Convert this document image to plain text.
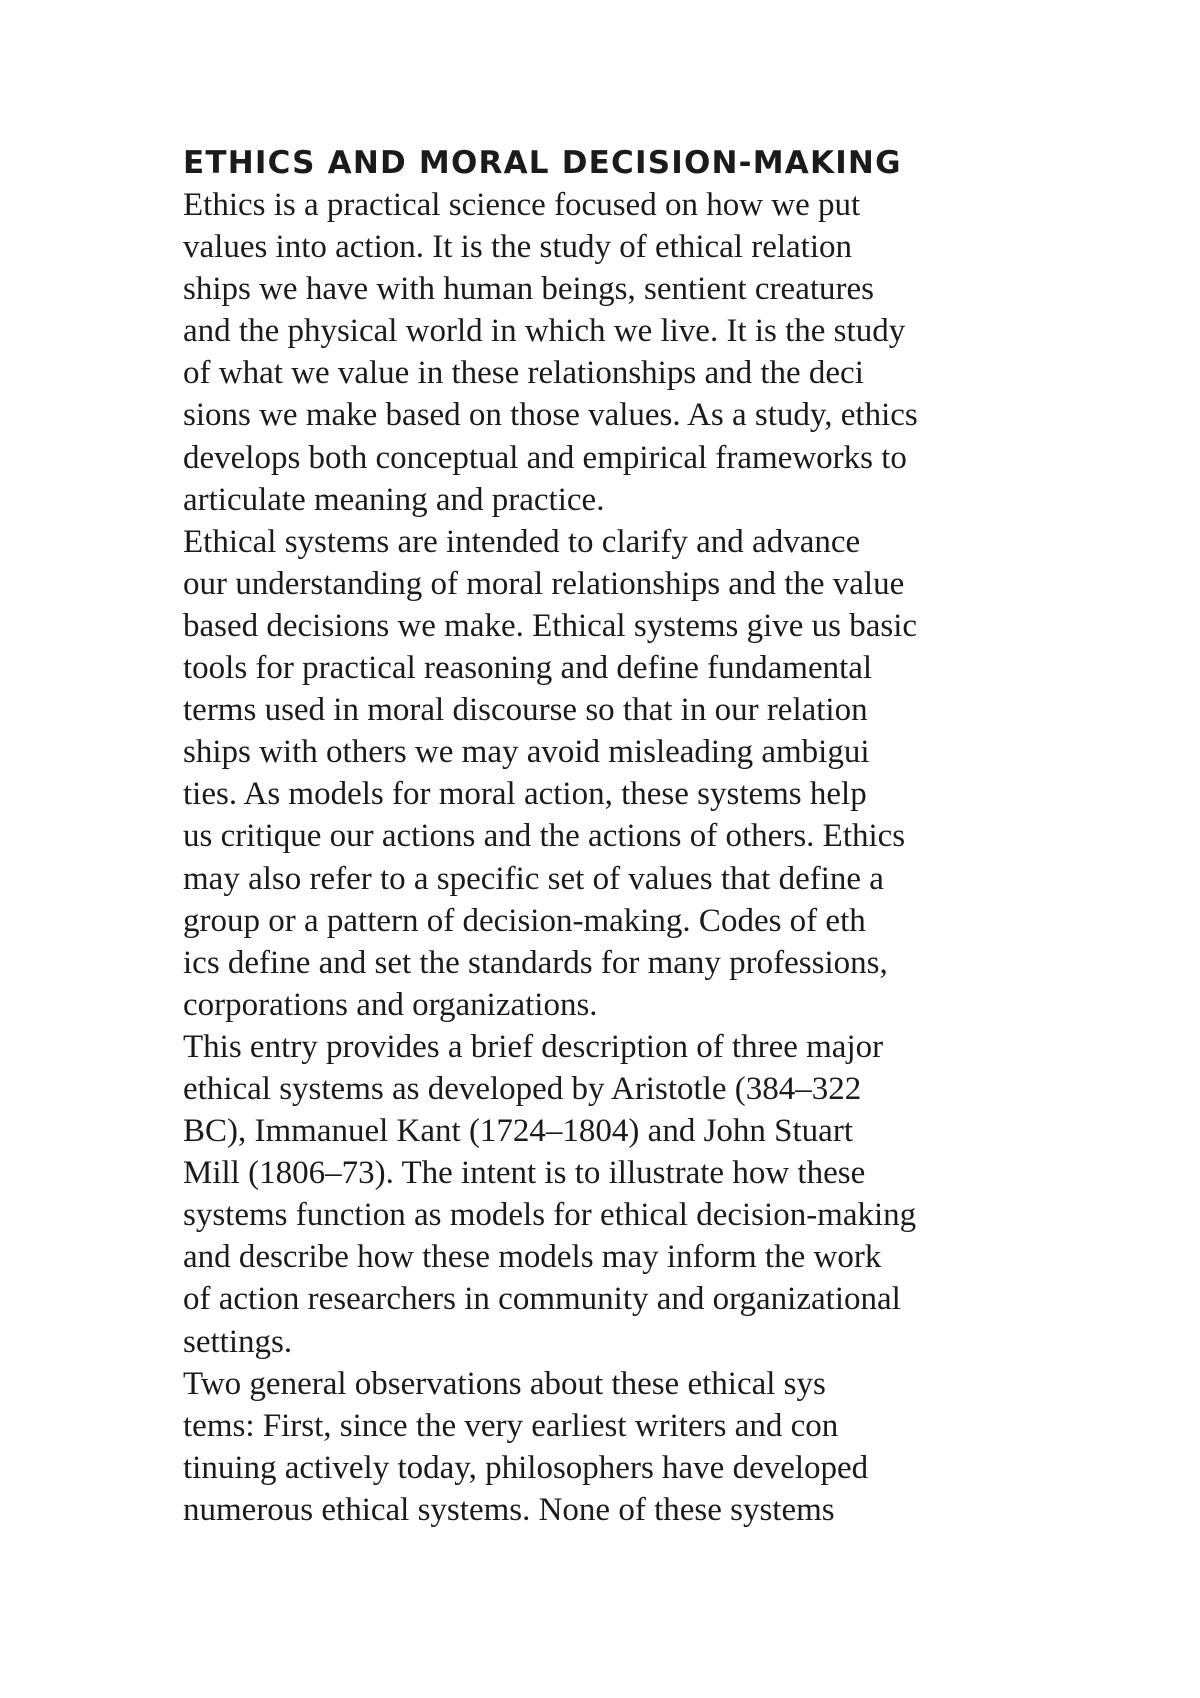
ETHICS AND MORAL DECISION-MAKING

Ethics is a practical science focused on how we put
values into action. It is the study of ethical relation
ships we have with human beings, sentient creatures
and the physical world in which we live. It is the study
of what we value in these relationships and the deci
sions we make based on those values. As a study, ethics
develops both conceptual and empirical frameworks to
articulate meaning and practice.

Ethical systems are intended to clarify and advance
our understanding of moral relationships and the value
based decisions we make. Ethical systems give us basic
tools for practical reasoning and define fundamental
terms used in moral discourse so that in our relation
ships with others we may avoid misleading ambigui
ties. As models for moral action, these systems help
us critique our actions and the actions of others. Ethics
may also refer to a specific set of values that define a
group or a pattern of decision-making. Codes of eth
ics define and set the standards for many professions,
corporations and organizations.

This entry provides a brief description of three major
ethical systems as developed by Aristotle (384–322
BC), Immanuel Kant (1724–1804) and John Stuart
Mill (1806–73). The intent is to illustrate how these
systems function as models for ethical decision-making
and describe how these models may inform the work
of action researchers in community and organizational
settings.

Two general observations about these ethical sys
tems: First, since the very earliest writers and con
tinuing actively today, philosophers have developed
numerous ethical systems. None of these systems
